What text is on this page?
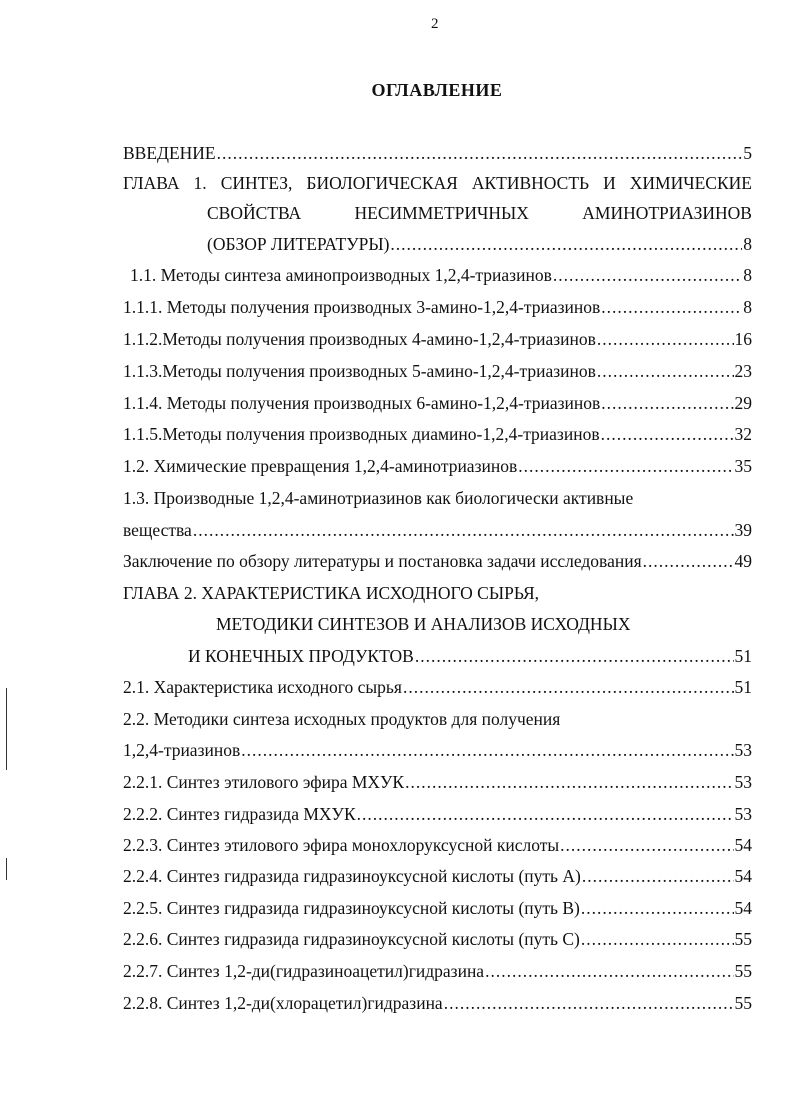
2
ОГЛАВЛЕНИЕ
ВВЕДЕНИЕ .....	5
ГЛАВА 1. СИНТЕЗ, БИОЛОГИЧЕСКАЯ АКТИВНОСТЬ И ХИМИЧЕСКИЕ
СВОЙСТВА	НЕСИММЕТРИЧНЫХ	АМИНОТРИАЗИНОВ
(ОБЗОР ЛИТЕРАТУРЫ) .....	8
1.1. Методы синтеза аминопроизводных 1,2,4-триазинов .....	8
1.1.1. Методы получения производных 3-амино-1,2,4-триазинов .....	8
1.1.2.Методы получения производных 4-амино-1,2,4-триазинов .....	16
1.1.3.Методы получения производных 5-амино-1,2,4-триазинов .....	23
1.1.4. Методы получения производных 6-амино-1,2,4-триазинов .....	29
1.1.5.Методы получения производных диамино-1,2,4-триазинов .....	32
1.2. Химические превращения 1,2,4-аминотриазинов .....	35
1.3. Производные 1,2,4-аминотриазинов как биологически активные
вещества .....	39
Заключение по обзору литературы и постановка задачи исследования .....	49
ГЛАВА 2. ХАРАКТЕРИСТИКА ИСХОДНОГО СЫРЬЯ,
МЕТОДИКИ СИНТЕЗОВ И АНАЛИЗОВ ИСХОДНЫХ
И КОНЕЧНЫХ ПРОДУКТОВ .....	51
2.1. Характеристика исходного сырья .....	51
2.2. Методики синтеза исходных продуктов для получения
1,2,4-триазинов .....	53
2.2.1. Синтез этилового эфира МХУК .....	53
2.2.2. Синтез гидразида МХУК .....	53
2.2.3. Синтез этилового эфира монохлоруксусной кислоты .....	54
2.2.4. Синтез гидразида гидразиноуксусной кислоты (путь А) .....	54
2.2.5. Синтез гидразида гидразиноуксусной кислоты (путь В) .....	54
2.2.6. Синтез гидразида гидразиноуксусной кислоты (путь С) .....	55
2.2.7. Синтез 1,2-ди(гидразиноацетил)гидразина .....	55
2.2.8. Синтез 1,2-ди(хлорацетил)гидразина .....	55
